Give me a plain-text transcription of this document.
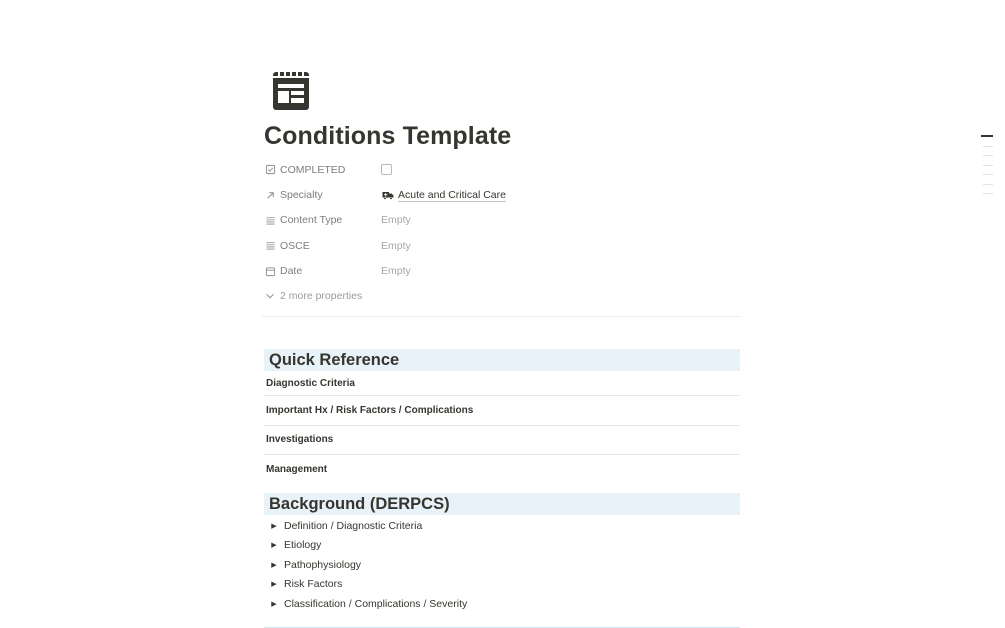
Conditions Template
COMPLETED
Specialty	Acute and Critical Care
Content Type	Empty
OSCE	Empty
Date	Empty
2 more properties
Quick Reference
Diagnostic Criteria
Important Hx / Risk Factors / Complications
Investigations
Management
Background (DERPCS)
▶ Definition / Diagnostic Criteria
▶ Etiology
▶ Pathophysiology
▶ Risk Factors
▶ Classification / Complications / Severity
